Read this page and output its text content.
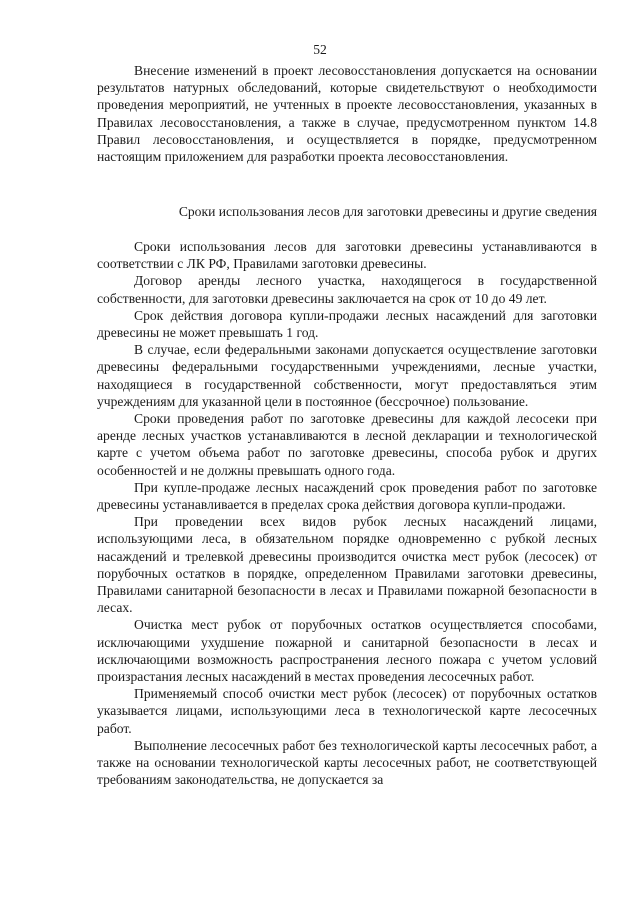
52

Внесение изменений в проект лесовосстановления допускается на основании результатов натурных обследований, которые свидетельствуют о необходимости проведения мероприятий, не учтенных в проекте лесовосстановления, указанных в Правилах лесовосстановления, а также в случае, предусмотренном пунктом 14.8 Правил лесовосстановления, и осуществляется в порядке, предусмотренном настоящим приложением для разработки проекта лесовосстановления.

Сроки использования лесов для заготовки древесины и другие сведения

Сроки использования лесов для заготовки древесины устанавливаются в соответствии с ЛК РФ, Правилами заготовки древесины.

Договор аренды лесного участка, находящегося в государственной собственности, для заготовки древесины заключается на срок от 10 до 49 лет.

Срок действия договора купли-продажи лесных насаждений для заготовки древесины не может превышать 1 год.

В случае, если федеральными законами допускается осуществление заготовки древесины федеральными государственными учреждениями, лесные участки, находящиеся в государственной собственности, могут предоставляться этим учреждениям для указанной цели в постоянное (бессрочное) пользование.

Сроки проведения работ по заготовке древесины для каждой лесосеки при аренде лесных участков устанавливаются в лесной декларации и технологической карте с учетом объема работ по заготовке древесины, способа рубок и других особенностей и не должны превышать одного года.

При купле-продаже лесных насаждений срок проведения работ по заготовке древесины устанавливается в пределах срока действия договора купли-продажи.

При проведении всех видов рубок лесных насаждений лицами, использующими леса, в обязательном порядке одновременно с рубкой лесных насаждений и трелевкой древесины производится очистка мест рубок (лесосек) от порубочных остатков в порядке, определенном Правилами заготовки древесины, Правилами санитарной безопасности в лесах и Правилами пожарной безопасности в лесах.

Очистка мест рубок от порубочных остатков осуществляется способами, исключающими ухудшение пожарной и санитарной безопасности в лесах и исключающими возможность распространения лесного пожара с учетом условий произрастания лесных насаждений в местах проведения лесосечных работ.

Применяемый способ очистки мест рубок (лесосек) от порубочных остатков указывается лицами, использующими леса в технологической карте лесосечных работ.

Выполнение лесосечных работ без технологической карты лесосечных работ, а также на основании технологической карты лесосечных работ, не соответствующей требованиям законодательства, не допускается за
